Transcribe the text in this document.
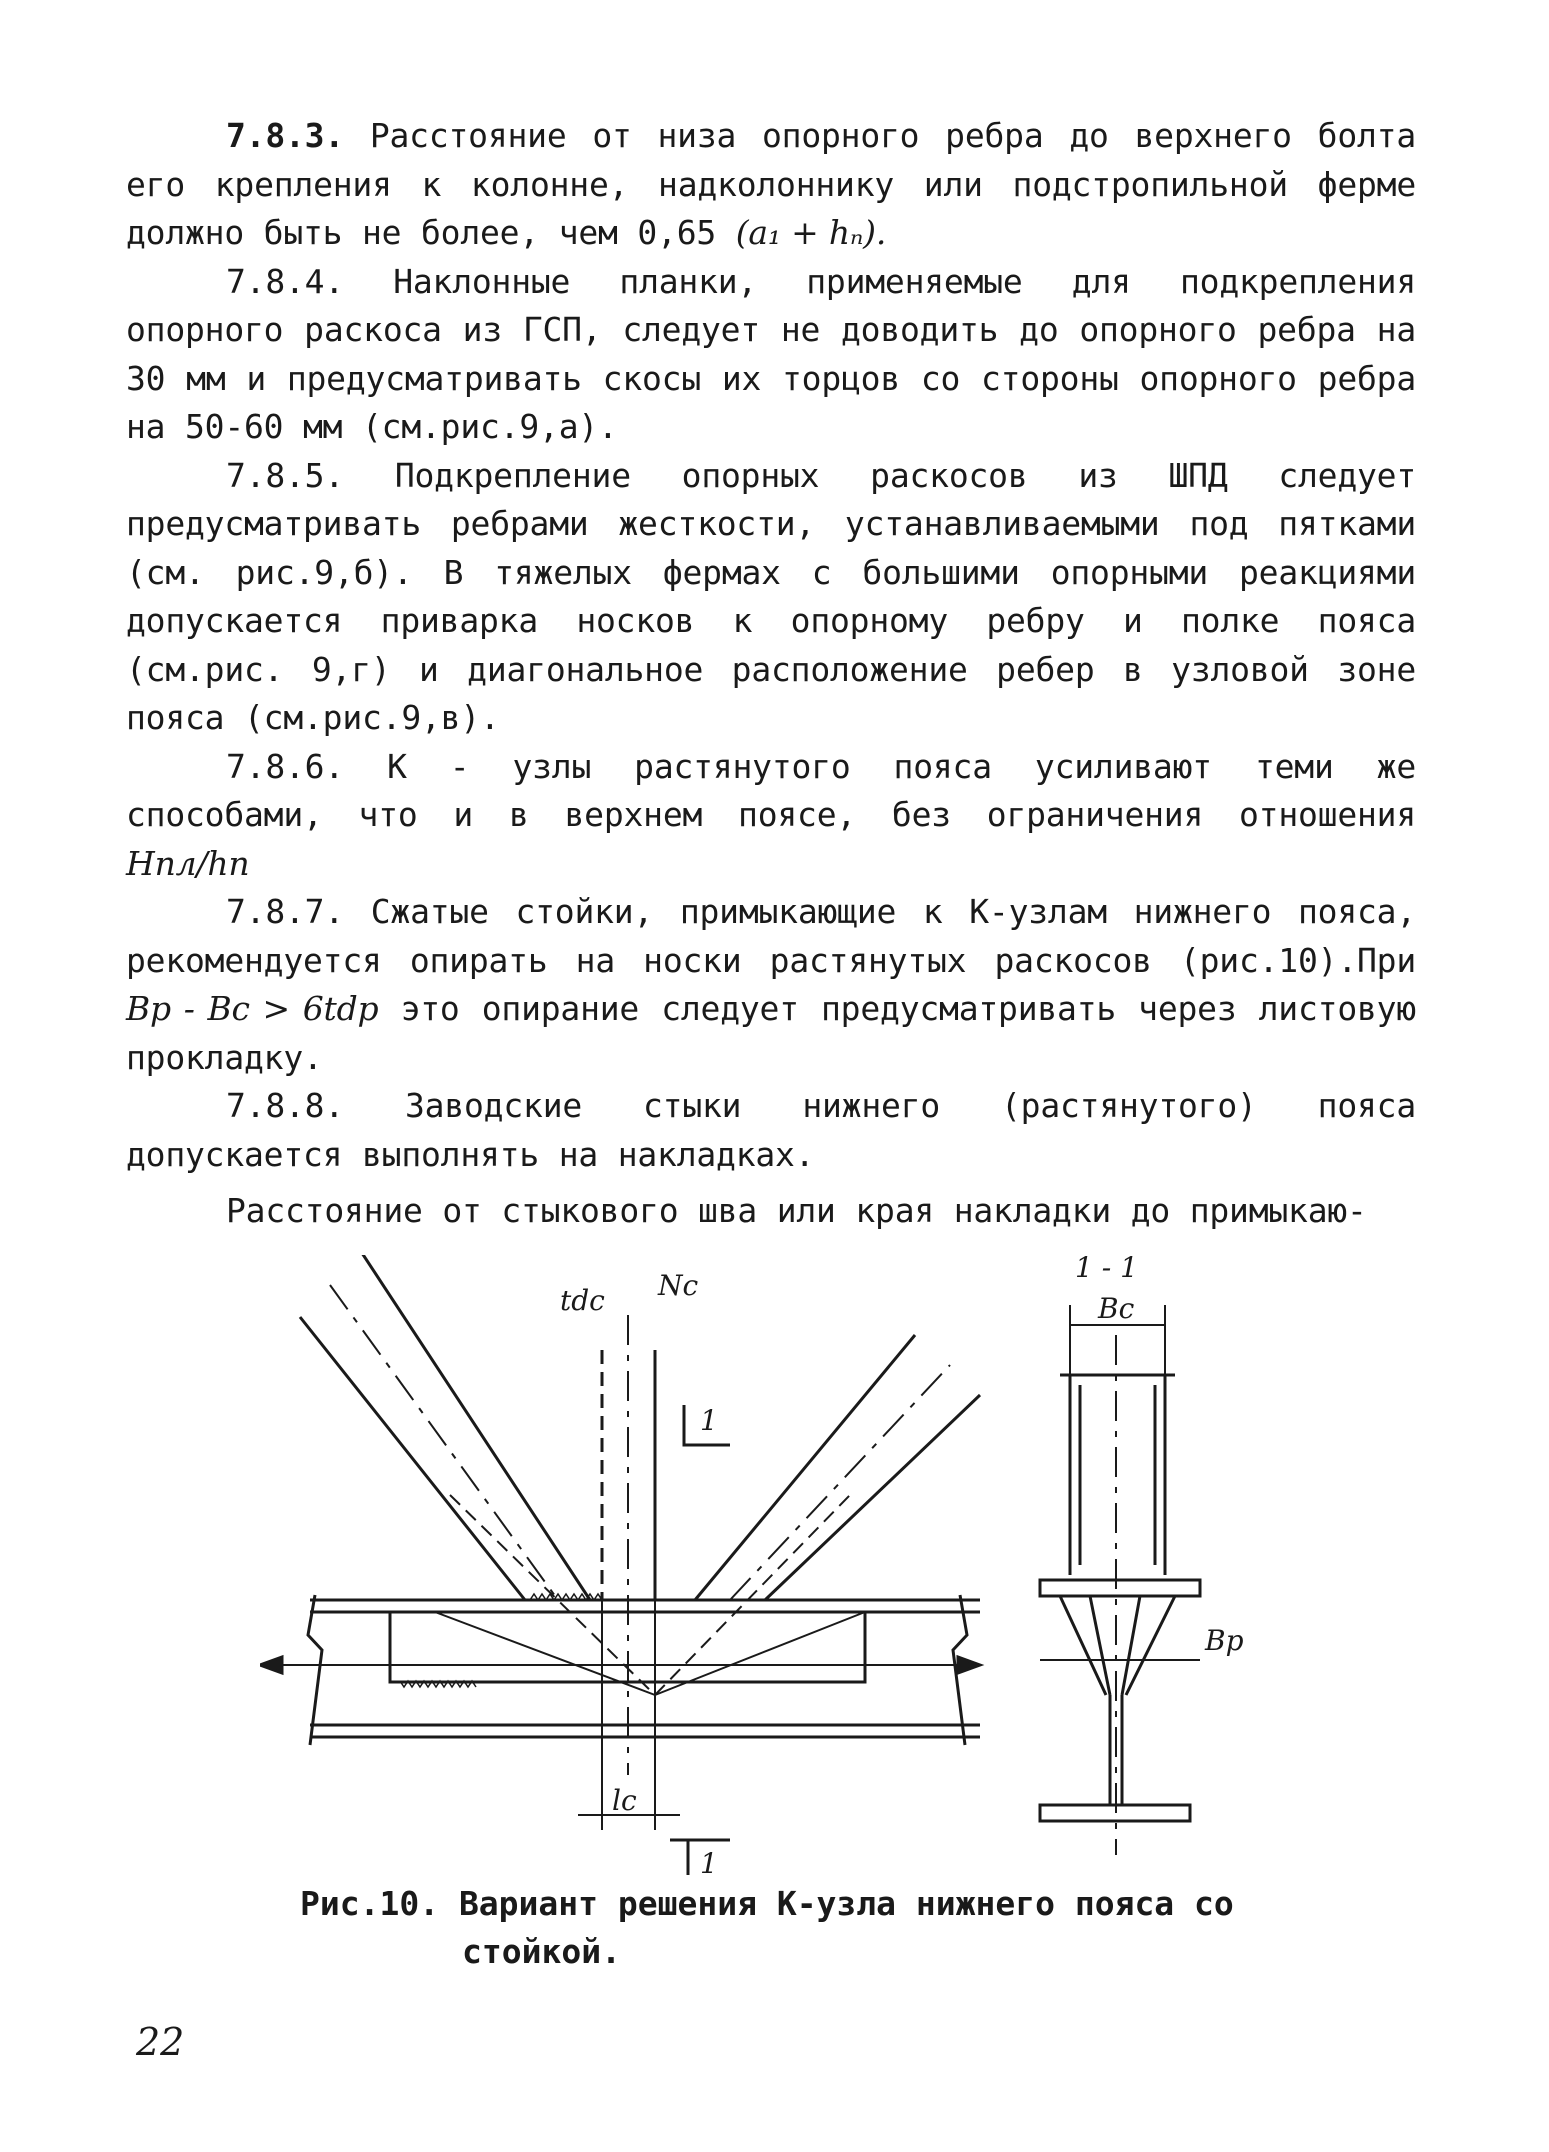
7.8.3. Расстояние от низа опорного ребра до верхнего болта его крепления к колонне, надколоннику или подстропильной ферме должно быть не более, чем 0,65 (a₁ + hₙ).

7.8.4. Наклонные планки, применяемые для подкрепления опорного раскоса из ГСП, следует не доводить до опорного ребра на 30 мм и предусматривать скосы их торцов со стороны опорного ребра на 50-60 мм (см.рис.9,а).

7.8.5. Подкрепление опорных раскосов из ШПД следует предусматривать ребрами жесткости, устанавливаемыми под пятками (см. рис.9,б). В тяжелых фермах с большими опорными реакциями допускается приварка носков к опорному ребру и полке пояса (см.рис. 9,г) и диагональное расположение ребер в узловой зоне пояса (см.рис.9,в).

7.8.6. К - узлы растянутого пояса усиливают теми же способами, что и в верхнем поясе, без ограничения отношения Hпл/hп

7.8.7. Сжатые стойки, примыкающие к К-узлам нижнего пояса, рекомендуется опирать на носки растянутых раскосов (рис.10).При Bр - Bс > 6tdp это опирание следует предусматривать через листовую прокладку.

7.8.8. Заводские стыки нижнего (растянутого) пояса допускается выполнять на накладках.

Расстояние от стыкового шва или края накладки до примыкаю-

tdc Nc
1
1
lc
1 - 1
Bc
Bр
Рис.10. Вариант решения К-узла нижнего пояса со
стойкой.
22
